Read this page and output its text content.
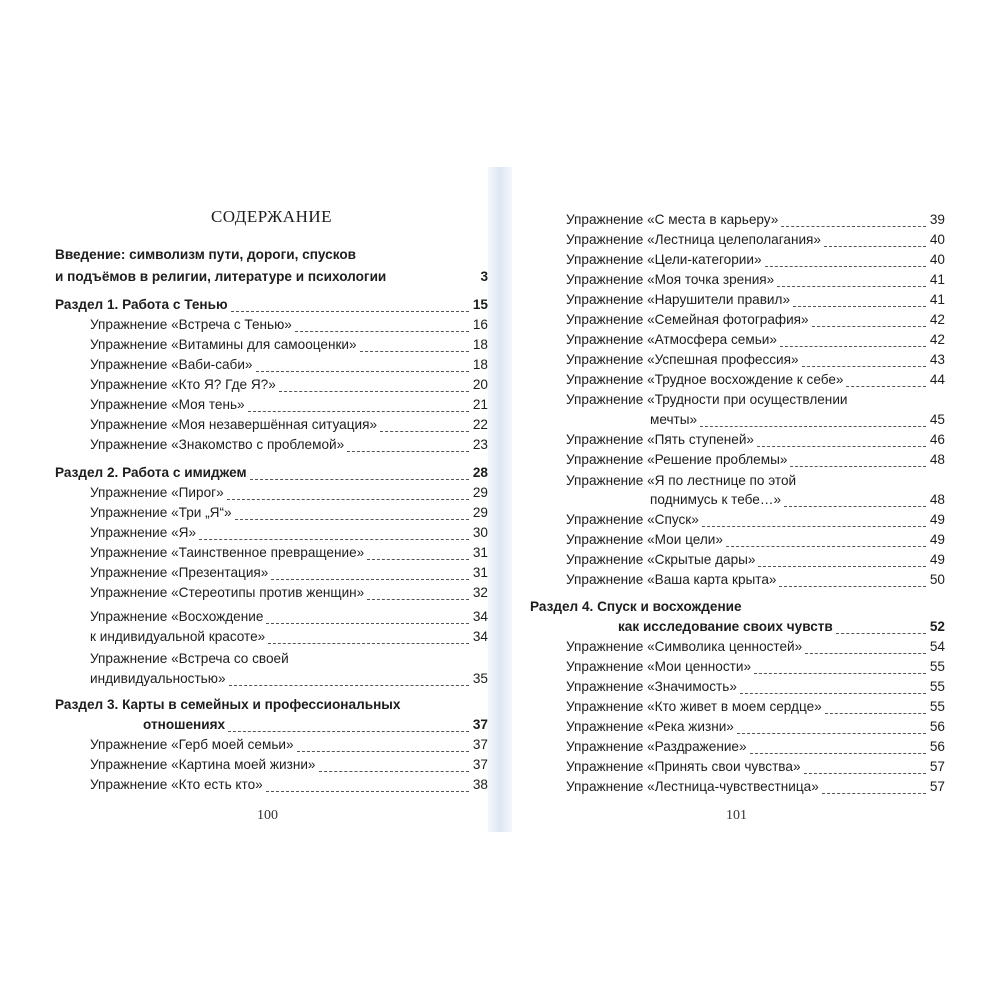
СОДЕРЖАНИЕ
Введение: символизм пути, дороги, спусков
и подъёмов в религии, литературе и психологии	3
Раздел 1. Работа с Тенью	15
Упражнение «Встреча с Тенью»	16
Упражнение «Витамины для самооценки»	18
Упражнение «Ваби-саби»	18
Упражнение «Кто Я? Где Я?»	20
Упражнение «Моя тень»	21
Упражнение «Моя незавершённая ситуация»	22
Упражнение «Знакомство с проблемой»	23
Раздел 2. Работа с имиджем	28
Упражнение «Пирог»	29
Упражнение «Три „Я“»	29
Упражнение «Я»	30
Упражнение «Таинственное превращение»	31
Упражнение «Презентация»	31
Упражнение «Стереотипы против женщин»	32
Упражнение «Восхождение	34
к индивидуальной красоте»	34
Упражнение «Встреча со своей
индивидуальностью»	35
Раздел 3. Карты в семейных и профессиональных
отношениях	37
Упражнение «Герб моей семьи»	37
Упражнение «Картина моей жизни»	37
Упражнение «Кто есть кто»	38
100
Упражнение «С места в карьеру»	39
Упражнение «Лестница целеполагания»	40
Упражнение «Цели-категории»	40
Упражнение «Моя точка зрения»	41
Упражнение «Нарушители правил»	41
Упражнение «Семейная фотография»	42
Упражнение «Атмосфера семьи»	42
Упражнение «Успешная профессия»	43
Упражнение «Трудное восхождение к себе»	44
Упражнение «Трудности при осуществлении
мечты»	45
Упражнение «Пять ступеней»	46
Упражнение «Решение проблемы»	48
Упражнение «Я по лестнице по этой
поднимусь к тебе…»	48
Упражнение «Спуск»	49
Упражнение «Мои цели»	49
Упражнение «Скрытые дары»	49
Упражнение «Ваша карта крыта»	50
Раздел 4. Спуск и восхождение
как исследование своих чувств	52
Упражнение «Символика ценностей»	54
Упражнение «Мои ценности»	55
Упражнение «Значимость»	55
Упражнение «Кто живет в моем сердце»	55
Упражнение «Река жизни»	56
Упражнение «Раздражение»	56
Упражнение «Принять свои чувства»	57
Упражнение «Лестница-чувствестница»	57
101
